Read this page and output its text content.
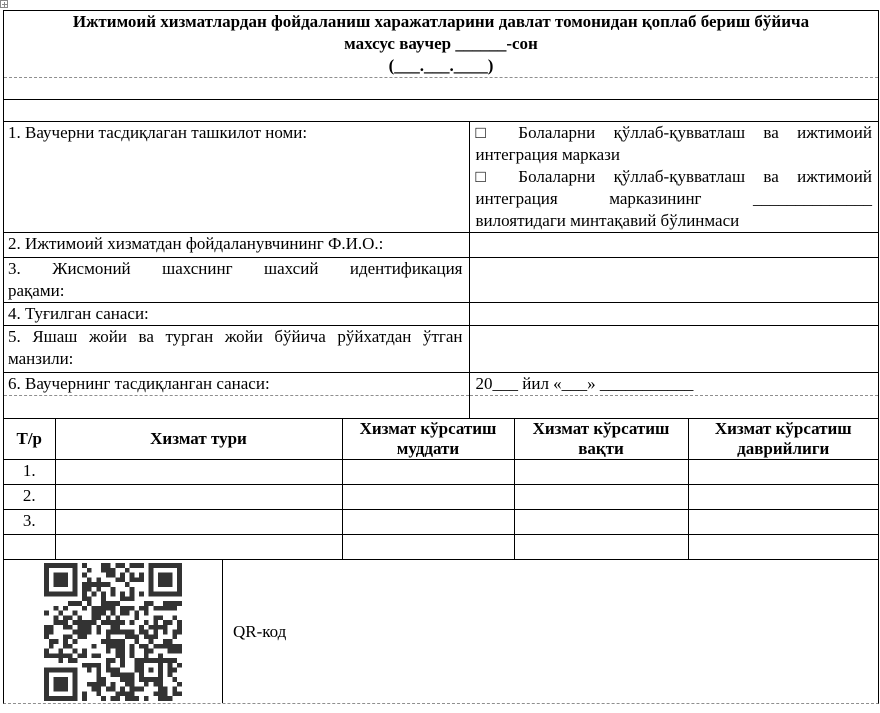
Ижтимоий хизматлардан фойдаланиш харажатларини давлат томонидан қоплаб бериш бўйича
махсус ваучер ______-сон
(___.___.____)
1. Ваучерни тасдиқлаган ташкилот номи:	□ Болаларни қўллаб-қувватлаш ва ижтимоий
интеграция маркази
□ Болаларни қўллаб-қувватлаш ва ижтимоий
интеграция марказининг ______________
вилоятидаги минтақавий бўлинмаси

2. Ижтимоий хизматдан фойдаланувчининг Ф.И.О.:	

3. Жисмоний шахснинг шахсий идентификация
рақами:	

4. Туғилган санаси:	

5. Яшаш жойи ва турган жойи бўйича рўйхатдан ўтган
манзили:	

6. Ваучернинг тасдиқланган санаси:	20___ йил «___» ___________

Т/р	Хизмат тури	Хизмат кўрсатиш муддати	Хизмат кўрсатиш вақти	Хизмат кўрсатиш даврийлиги
1.				
2.				
3.				

QR-код
